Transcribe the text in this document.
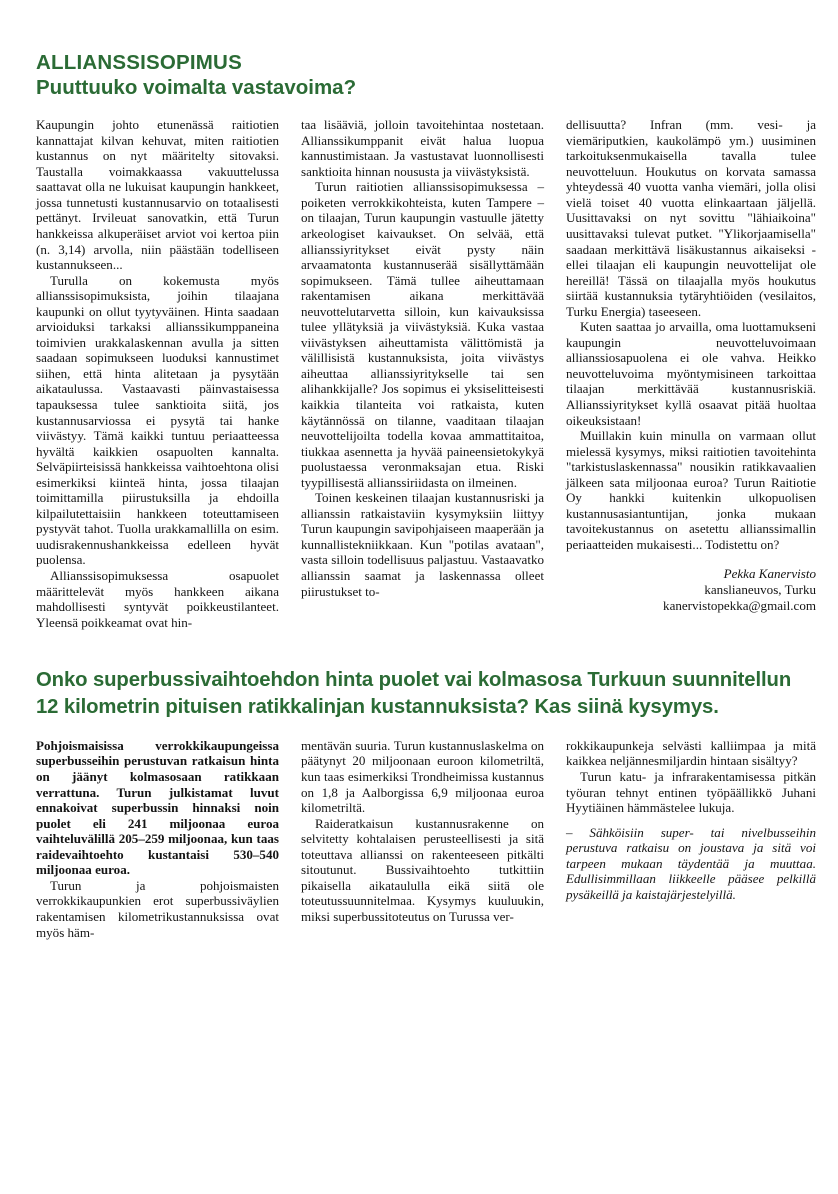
ALLIANSSISOPIMUS
Puuttuuko voimalta vastavoima?

Kaupungin johto etunenässä raitiotien kannattajat kilvan kehuvat, miten raitiotien kustannus on nyt määritelty sitovaksi. Taustalla voimakkaassa vakuuttelussa saattavat olla ne lukuisat kaupungin hankkeet, jossa tunnetusti kustannusarvio on totaalisesti pettänyt. Irvileuat sanovatkin, että Turun hankkeissa alkuperäiset arviot voi kertoa piin (n. 3,14) arvolla, niin päästään todelliseen kustannukseen...

Turulla on kokemusta myös allianssisopimuksista, joihin tilaajana kaupunki on ollut tyytyväinen. Hinta saadaan arvioiduksi tarkaksi allianssikumppaneina toimivien urakkalaskennan avulla ja sitten saadaan sopimukseen luoduksi kannustimet siihen, että hinta alitetaan ja pysytään aikataulussa. Vastaavasti päinvastaisessa tapauksessa tulee sanktioita siitä, jos kustannusarviossa ei pysytä tai hanke viivästyy. Tämä kaikki tuntuu periaatteessa hyvältä kaikkien osapuolten kannalta. Selväpiirteisissä hankkeissa vaihtoehtona olisi esimerkiksi kiinteä hinta, jossa tilaajan toimittamilla piirustuksilla ja ehdoilla kilpailutettaisiin hankkeen toteuttamiseen pystyvät tahot. Tuolla urakkamallilla on esim. uudisrakennushankkeissa edelleen hyvät puolensa.

Allianssisopimuksessa osapuolet määrittelevät myös hankkeen aikana mahdollisesti syntyvät poikkeustilanteet. Yleensä poikkeamat ovat hin-

taa lisääviä, jolloin tavoitehintaa nostetaan. Allianssikumppanit eivät halua luopua kannustimistaan. Ja vastustavat luonnollisesti sanktioita hinnan noususta ja viivästyksistä.

Turun raitiotien allianssisopimuksessa – poiketen verrokkikohteista, kuten Tampere – on tilaajan, Turun kaupungin vastuulle jätetty arkeologiset kaivaukset. On selvää, että allianssiyritykset eivät pysty näin arvaamatonta kustannuserää sisällyttämään sopimukseen. Tämä tullee aiheuttamaan rakentamisen aikana merkittävää neuvottelutarvetta silloin, kun kaivauksissa tulee yllätyksiä ja viivästyksiä. Kuka vastaa viivästyksen aiheuttamista välittömistä ja välillisistä kustannuksista, joita viivästys aiheuttaa allianssiyritykselle tai sen alihankkijalle? Jos sopimus ei yksiselitteisesti kaikkia tilanteita voi ratkaista, kuten käytännössä on tilanne, vaaditaan tilaajan neuvottelijoilta todella kovaa ammattitaitoa, tiukkaa asennetta ja hyvää paineensietokykyä puolustaessa veronmaksajan etua. Riski tyypillisestä allianssiriidasta on ilmeinen.

Toinen keskeinen tilaajan kustannusriski ja allianssin ratkaistaviin kysymyksiin liittyy Turun kaupungin savipohjaiseen maaperään ja kunnallistekniikkaan. Kun "potilas avataan", vasta silloin todellisuus paljastuu. Vastaavatko allianssin saamat ja laskennassa olleet piirustukset to-

dellisuutta? Infran (mm. vesi- ja viemäriputkien, kaukolämpö ym.) uusiminen tarkoituksenmukaisella tavalla tulee neuvotteluun. Houkutus on korvata samassa yhteydessä 40 vuotta vanha viemäri, jolla olisi vielä toiset 40 vuotta elinkaartaan jäljellä. Uusittavaksi on nyt sovittu "lähiaikoina" uusittavaksi tulevat putket. "Ylikorjaamisella" saadaan merkittävä lisäkustannus aikaiseksi - ellei tilaajan eli kaupungin neuvottelijat ole hereillä! Tässä on tilaajalla myös houkutus siirtää kustannuksia tytäryhtiöiden (vesilaitos, Turku Energia) taseeseen.

Kuten saattaa jo arvailla, oma luottamukseni kaupungin neuvotteluvoimaan allianssiosapuolena ei ole vahva. Heikko neuvotteluvoima myöntymisineen tarkoittaa tilaajan merkittävää kustannusriskiä. Allianssiyritykset kyllä osaavat pitää huoltaa oikeuksistaan!

Muillakin kuin minulla on varmaan ollut mielessä kysymys, miksi raitiotien tavoitehinta "tarkistuslaskennassa" nousikin ratikkavaalien jälkeen sata miljoonaa euroa? Turun Raitiotie Oy hankki kuitenkin ulkopuolisen kustannusasiantuntijan, jonka mukaan tavoitekustannus on asetettu allianssimallin periaatteiden mukaisesti... Todistettu on?

Pekka Kanervisto
kanslianeuvos, Turku
kanervistopekka@gmail.com
Onko superbussivaihtoehdon hinta puolet vai kolmasosa Turkuun suunnitellun 12 kilometrin pituisen ratikkalinjan kustannuksista? Kas siinä kysymys.

Pohjoismaisissa verrokkikaupungeissa superbusseihin perustuvan ratkaisun hinta on jäänyt kolmasosaan ratikkaan verrattuna. Turun julkistamat luvut ennakoivat superbussin hinnaksi noin puolet eli 241 miljoonaa euroa vaihteluvälillä 205–259 miljoonaa, kun taas raidevaihtoehto kustantaisi 530–540 miljoonaa euroa.

Turun ja pohjoismaisten verrokkikaupunkien erot superbussiväylien rakentamisen kilometrikustannuksissa ovat myös häm-

mentävän suuria. Turun kustannuslaskelma on päätynyt 20 miljoonaan euroon kilometriltä, kun taas esimerkiksi Trondheimissa kustannus on 1,8 ja Aalborgissa 6,9 miljoonaa euroa kilometriltä.

Raideratkaisun kustannusrakenne on selvitetty kohtalaisen perusteellisesti ja sitä toteuttava allianssi on rakenteeseen pitkälti sitoutunut. Bussivaihtoehto tutkittiin pikaisella aikataululla eikä siitä ole toteutussuunnitelmaa. Kysymys kuuluukin, miksi superbussitoteutus on Turussa ver-

rokkikaupunkeja selvästi kalliimpaa ja mitä kaikkea neljännesmiljardin hintaan sisältyy?

Turun katu- ja infrarakentamisessa pitkän työuran tehnyt entinen työpäällikkö Juhani Hyytiäinen hämmästelee lukuja.

– Sähköisiin super- tai nivelbusseihin perustuva ratkaisu on joustava ja sitä voi tarpeen mukaan täydentää ja muuttaa. Edullisimmillaan liikkeelle pääsee pelkillä pysäkeillä ja kaistajärjestelyillä.
